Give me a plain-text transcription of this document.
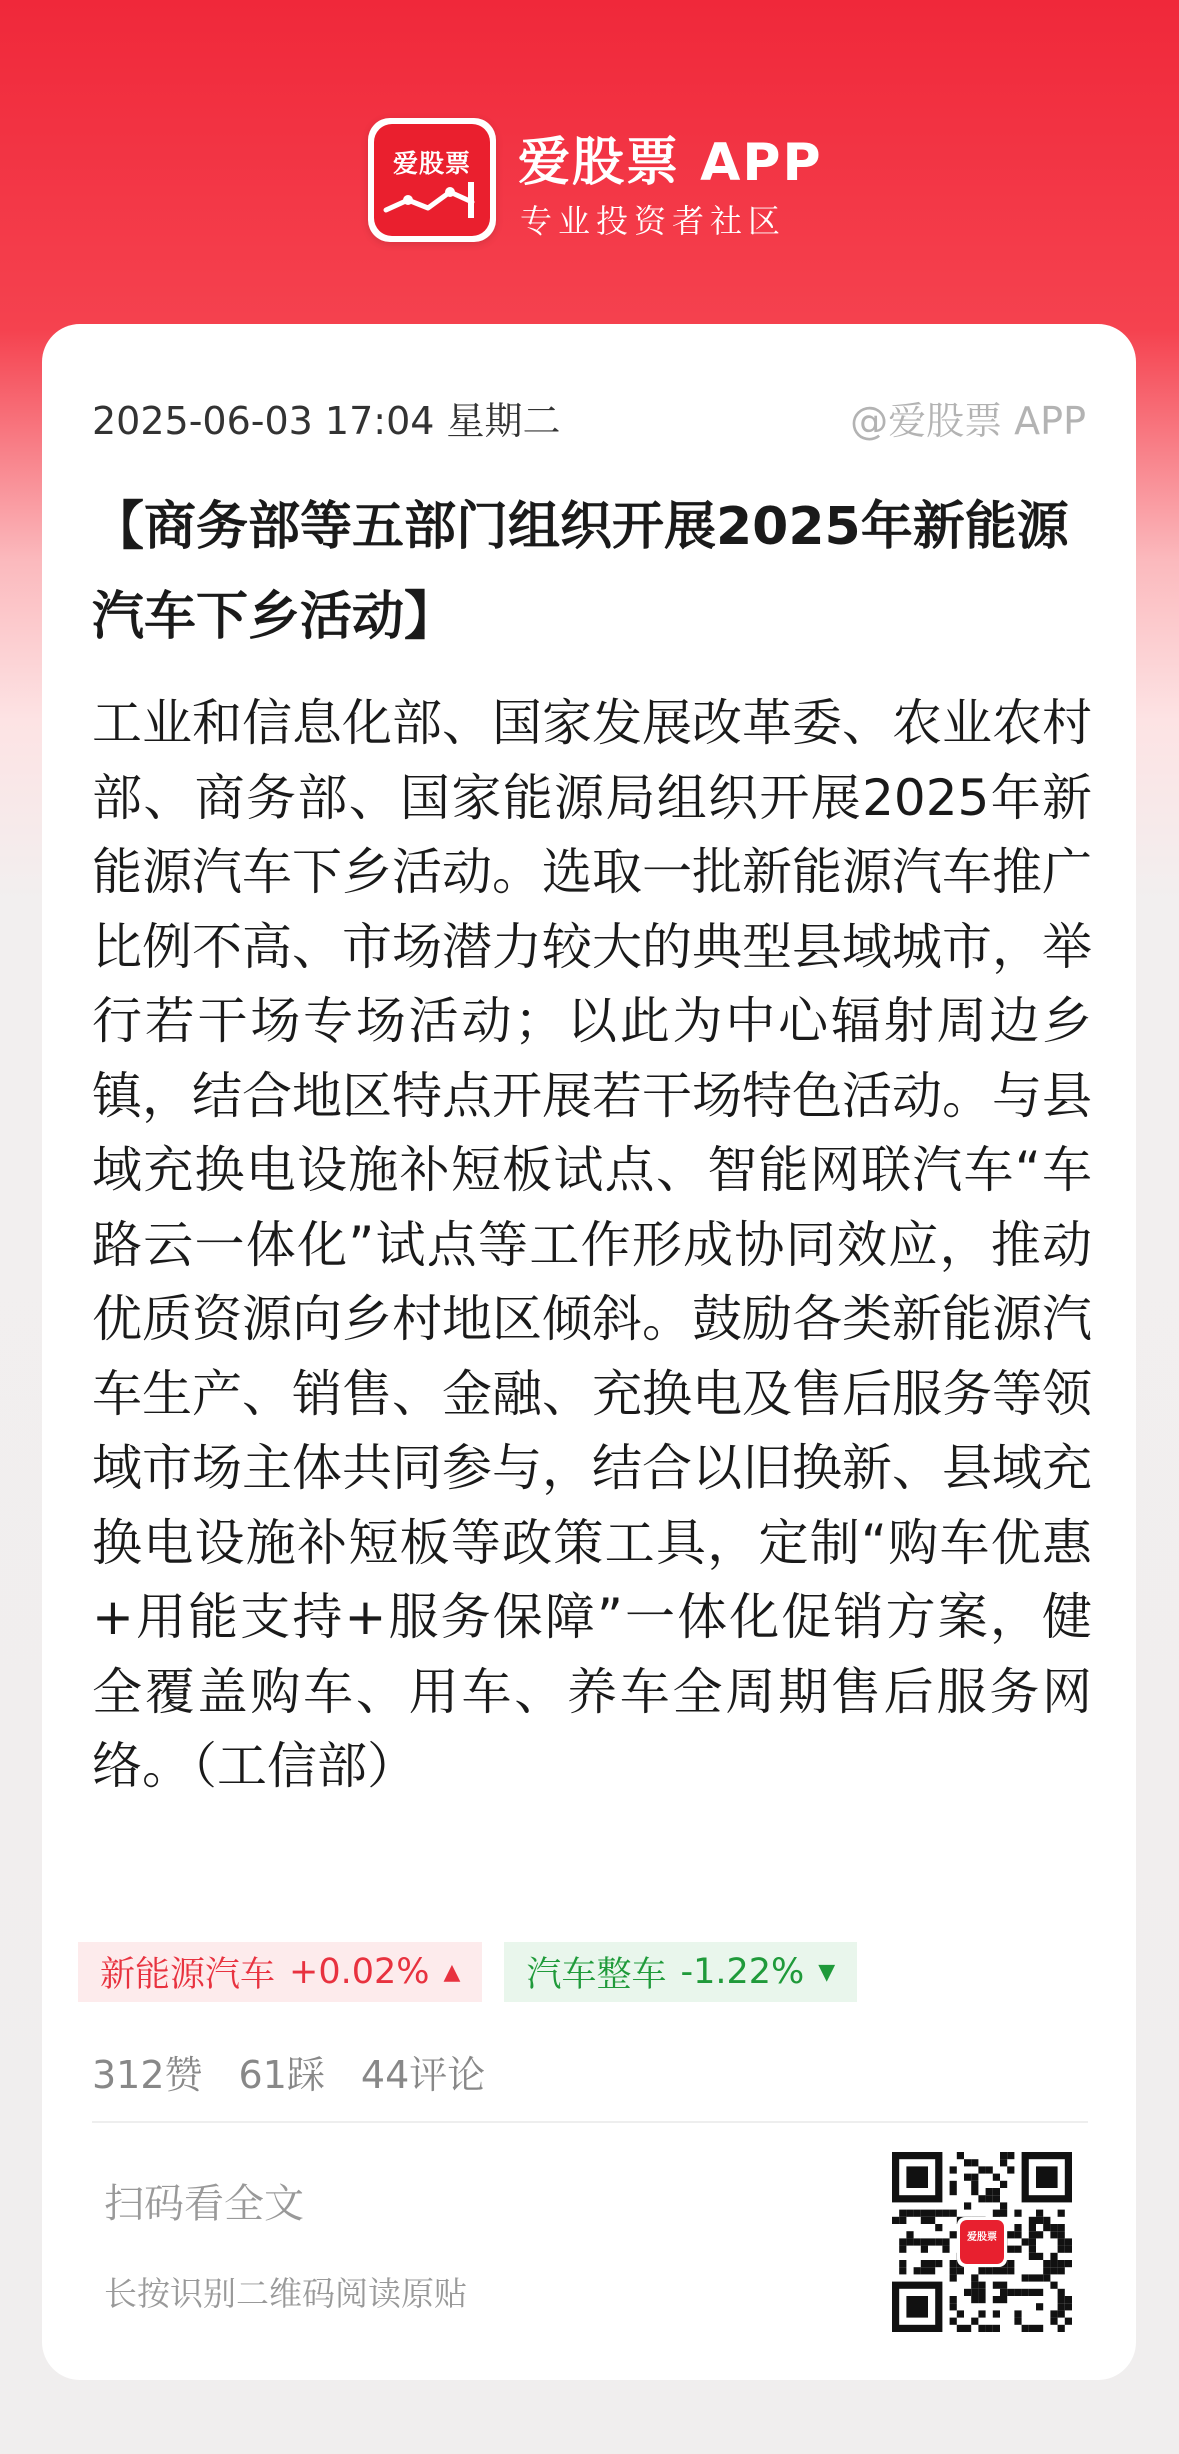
爱股票 爱股票 APP
专业投资者社区
2025-06-03 17:04 星期二	@爱股票 APP
【商务部等五部门组织开展2025年新能源汽车下乡活动】
工业和信息化部、国家发展改革委、农业农村部、商务部、国家能源局组织开展2025年新能源汽车下乡活动。选取一批新能源汽车推广比例不高、市场潜力较大的典型县域城市，举行若干场专场活动；以此为中心辐射周边乡镇，结合地区特点开展若干场特色活动。与县域充换电设施补短板试点、智能网联汽车“车路云一体化”试点等工作形成协同效应，推动优质资源向乡村地区倾斜。鼓励各类新能源汽车生产、销售、金融、充换电及售后服务等领域市场主体共同参与，结合以旧换新、县域充换电设施补短板等政策工具，定制“购车优惠+用能支持+服务保障”一体化促销方案，健全覆盖购车、用车、养车全周期售后服务网络。（工信部）
新能源汽车 +0.02% ▲ 汽车整车 -1.22% ▼
312赞 61踩 44评论
扫码看全文
长按识别二维码阅读原贴
爱股票
